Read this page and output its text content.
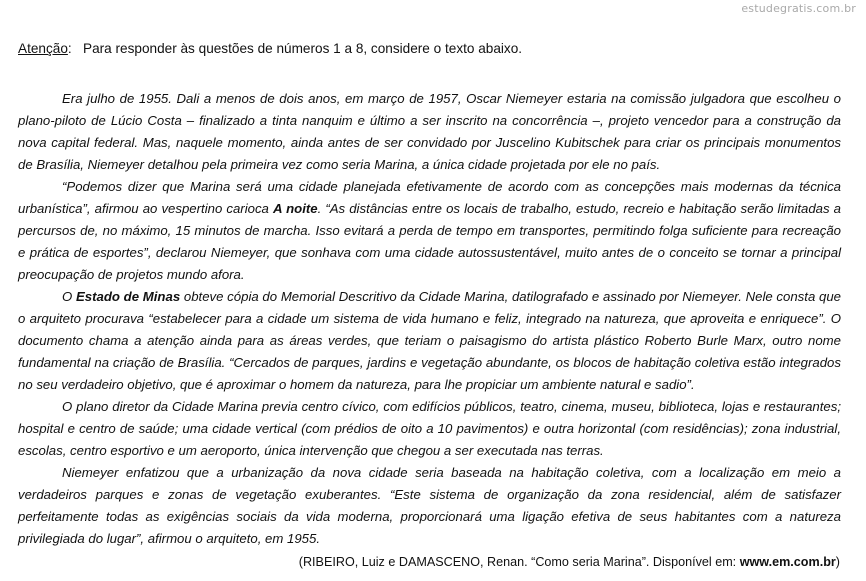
estudegratis.com.br
Atenção: Para responder às questões de números 1 a 8, considere o texto abaixo.

Era julho de 1955. Dali a menos de dois anos, em março de 1957, Oscar Niemeyer estaria na comissão julgadora que escolheu o plano-piloto de Lúcio Costa – finalizado a tinta nanquim e último a ser inscrito na concorrência –, projeto vencedor para a construção da nova capital federal. Mas, naquele momento, ainda antes de ser convidado por Juscelino Kubitschek para criar os principais monumentos de Brasília, Niemeyer detalhou pela primeira vez como seria Marina, a única cidade projetada por ele no país.

“Podemos dizer que Marina será uma cidade planejada efetivamente de acordo com as concepções mais modernas da técnica urbanística”, afirmou ao vespertino carioca A noite. “As distâncias entre os locais de trabalho, estudo, recreio e habitação serão limitadas a percursos de, no máximo, 15 minutos de marcha. Isso evitará a perda de tempo em transportes, permitindo folga suficiente para recreação e prática de esportes”, declarou Niemeyer, que sonhava com uma cidade autossustentável, muito antes de o conceito se tornar a principal preocupação de projetos mundo afora.

O Estado de Minas obteve cópia do Memorial Descritivo da Cidade Marina, datilografado e assinado por Niemeyer. Nele consta que o arquiteto procurava “estabelecer para a cidade um sistema de vida humano e feliz, integrado na natureza, que aproveita e enriquece”. O documento chama a atenção ainda para as áreas verdes, que teriam o paisagismo do artista plástico Roberto Burle Marx, outro nome fundamental na criação de Brasília. “Cercados de parques, jardins e vegetação abundante, os blocos de habitação coletiva estão integrados no seu verdadeiro objetivo, que é aproximar o homem da natureza, para lhe propiciar um ambiente natural e sadio”.

O plano diretor da Cidade Marina previa centro cívico, com edifícios públicos, teatro, cinema, museu, biblioteca, lojas e restaurantes; hospital e centro de saúde; uma cidade vertical (com prédios de oito a 10 pavimentos) e outra horizontal (com residências); zona industrial, escolas, centro esportivo e um aeroporto, única intervenção que chegou a ser executada nas terras.

Niemeyer enfatizou que a urbanização da nova cidade seria baseada na habitação coletiva, com a localização em meio a verdadeiros parques e zonas de vegetação exuberantes. “Este sistema de organização da zona residencial, além de satisfazer perfeitamente todas as exigências sociais da vida moderna, proporcionará uma ligação efetiva de seus habitantes com a natureza privilegiada do lugar”, afirmou o arquiteto, em 1955.

(RIBEIRO, Luiz e DAMASCENO, Renan. “Como seria Marina”. Disponível em: www.em.com.br)
